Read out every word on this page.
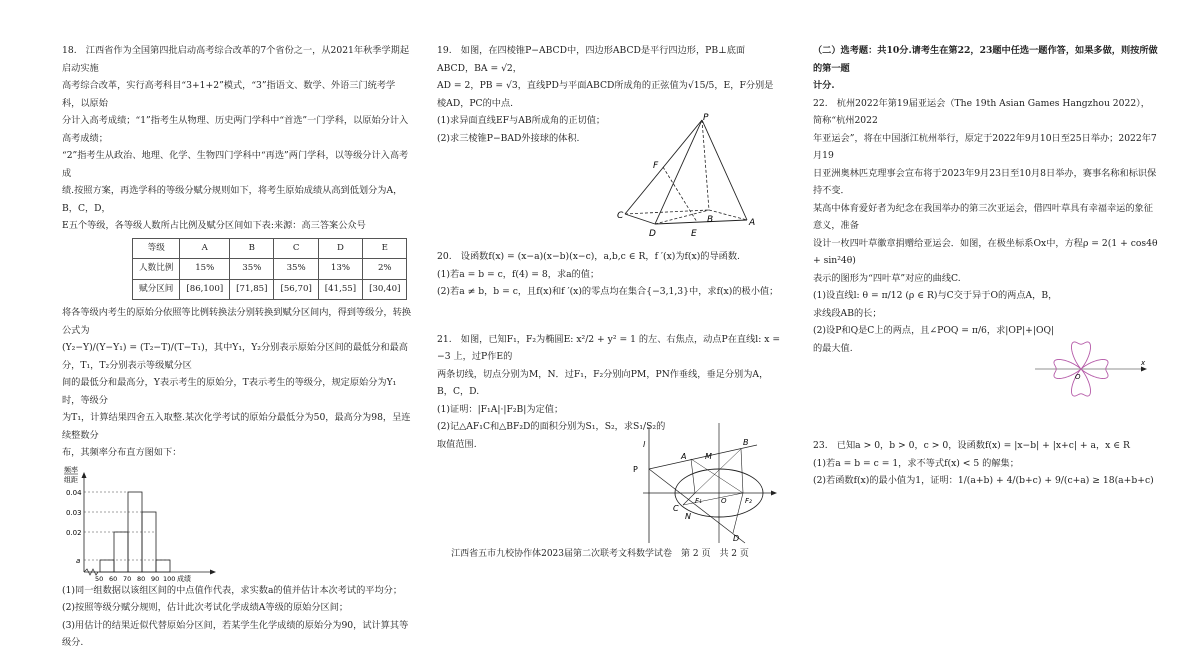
18.　江西省作为全国第四批启动高考综合改革的7个省份之一，从2021年秋季学期起启动实施

高考综合改革，实行高考科目“3+1+2”模式，“3”指语文、数学、外语三门统考学科，以原始

分计入高考成绩；“1”指考生从物理、历史两门学科中“首选”一门学科，以原始分计入高考成绩；

“2”指考生从政治、地理、化学、生物四门学科中“再选”两门学科，以等级分计入高考成

绩.按照方案，再选学科的等级分赋分规则如下，将考生原始成绩从高到低划分为A，B，C，D，

E五个等级，各等级人数所占比例及赋分区间如下表:来源：高三答案公众号

等级	A	B	C	D	E
人数比例	15%	35%	35%	13%	2%
赋分区间	[86,100]	[71,85]	[56,70]	[41,55]	[30,40]

将各等级内考生的原始分依照等比例转换法分别转换到赋分区间内，得到等级分，转换公式为

(Y₂−Y)/(Y−Y₁) = (T₂−T)/(T−T₁)，其中Y₁，Y₂分别表示原始分区间的最低分和最高分，T₁，T₂分别表示等级赋分区

间的最低分和最高分，Y表示考生的原始分，T表示考生的等级分，规定原始分为Y₁时，等级分

为T₁，计算结果四舍五入取整.某次化学考试的原始分最低分为50，最高分为98，呈连续整数分

布，其频率分布直方图如下：

频率
组距
0.04
0.03
0.02
a
50 60 70 80 90 100 成绩

(1)同一组数据以该组区间的中点值作代表，求实数a的值并估计本次考试的平均分；

(2)按照等级分赋分规则，估计此次考试化学成绩A等级的原始分区间；

(3)用估计的结果近似代替原始分区间，若某学生化学成绩的原始分为90，试计算其等级分.

19.　如图，在四棱锥P−ABCD中，四边形ABCD是平行四边形，PB⊥底面ABCD，BA = √2，

AD = 2，PB = √3，直线PD与平面ABCD所成角的正弦值为√15/5，E，F分别是棱AD，PC的中点.

(1)求异面直线EF与AB所成角的正切值；

(2)求三棱锥P−BAD外接球的体积.

P
F
C
D	E
B	A

20.　设函数f(x) = (x−a)(x−b)(x−c)，a,b,c ∈ R，f ′(x)为f(x)的导函数.

(1)若a = b = c，f(4) = 8，求a的值；

(2)若a ≠ b，b = c，且f(x)和f ′(x)的零点均在集合{−3,1,3}中，求f(x)的极小值；

21.　如图，已知F₁，F₂为椭圆E: x²/2 + y² = 1 的左、右焦点，动点P在直线l: x = −3 上，过P作E的

两条切线，切点分别为M，N．过F₁，F₂分别向PM，PN作垂线，垂足分别为A，B，C，D.

(1)证明：|F₁A|·|F₂B|为定值；

(2)记△AF₁C和△BF₂D的面积分别为S₁，S₂，求S₁/S₂的取值范围.	l
P
M
A
B
C
N
F₁	O	F₂
D

（二）选考题：共10分.请考生在第22，23题中任选一题作答，如果多做，则按所做的第一题

计分.

22.　杭州2022年第19届亚运会（The 19th Asian Games Hangzhou 2022），简称“杭州2022

年亚运会”，将在中国浙江杭州举行，原定于2022年9月10日至25日举办；2022年7月19

日亚洲奥林匹克理事会宣布将于2023年9月23日至10月8日举办，赛事名称和标识保持不变．

某高中体育爱好者为纪念在我国举办的第三次亚运会，借四叶草具有幸福幸运的象征意义，准备

设计一枚四叶草徽章捐赠给亚运会．如图，在极坐标系Ox中，方程ρ = 2(1 + cos4θ + sin²4θ)

表示的图形为“四叶草”对应的曲线C.

(1)设直线l: θ = π/12 (ρ ∈ R)与C交于异于O的两点A，B，求线段AB的长；

(2)设P和Q是C上的两点，且∠POQ = π/6，求|OP|+|OQ|的最大值.

O
x

23.　已知a > 0，b > 0，c > 0，设函数f(x) = |x−b| + |x+c| + a，x ∈ R

(1)若a = b = c = 1，求不等式f(x) < 5 的解集；

(2)若函数f(x)的最小值为1，证明：1/(a+b) + 4/(b+c) + 9/(c+a) ≥ 18(a+b+c)

江西省五市九校协作体2023届第二次联考文科数学试卷　第 2 页　共 2 页
